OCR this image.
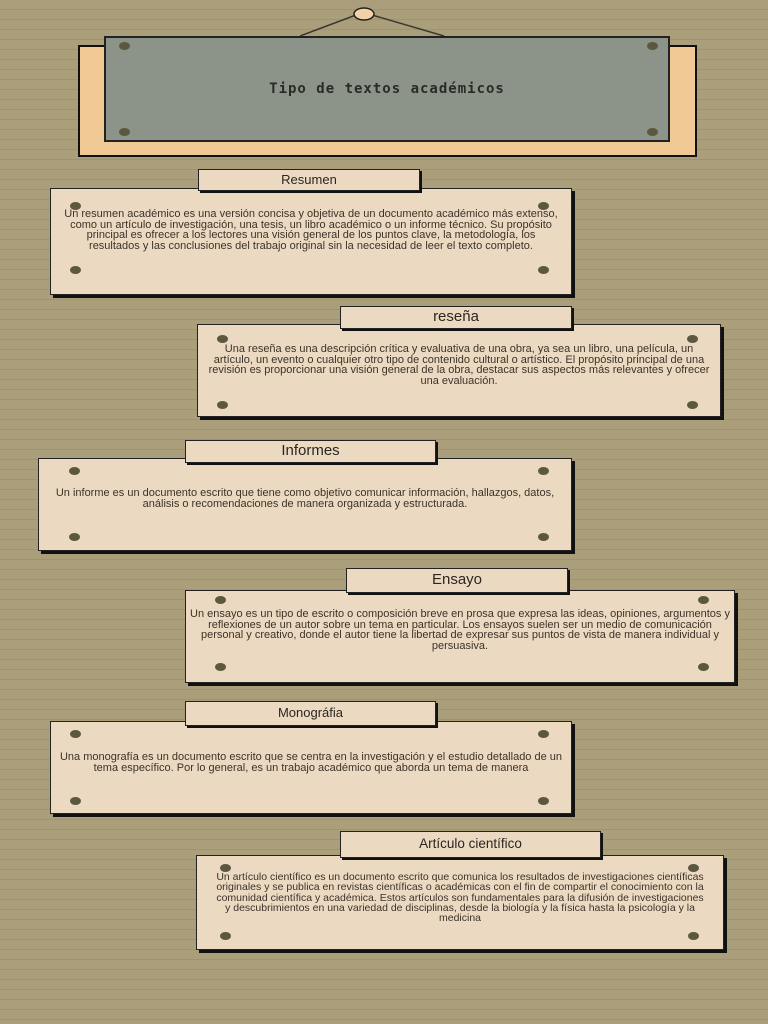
Tipo de textos académicos
Un resumen académico es una versión concisa y objetiva de un documento académico más extenso, como un artículo de investigación, una tesis, un libro académico o un informe técnico. Su propósito principal es ofrecer a los lectores una visión general de los puntos clave, la metodología, los resultados y las conclusiones del trabajo original sin la necesidad de leer el texto completo.
Resumen
Una reseña es una descripción crítica y evaluativa de una obra, ya sea un libro, una película, un artículo, un evento o cualquier otro tipo de contenido cultural o artístico. El propósito principal de una revisión es proporcionar una visión general de la obra, destacar sus aspectos más relevantes y ofrecer una evaluación.
reseña
Un informe es un documento escrito que tiene como objetivo comunicar información, hallazgos, datos, análisis o recomendaciones de manera organizada y estructurada.
Informes
Un ensayo es un tipo de escrito o composición breve en prosa que expresa las ideas, opiniones, argumentos y reflexiones de un autor sobre un tema en particular. Los ensayos suelen ser un medio de comunicación personal y creativo, donde el autor tiene la libertad de expresar sus puntos de vista de manera individual y persuasiva.
Ensayo
Una monografía es un documento escrito que se centra en la investigación y el estudio detallado de un tema específico. Por lo general, es un trabajo académico que aborda un tema de manera
Monográfia
Un artículo científico es un documento escrito que comunica los resultados de investigaciones científicas originales y se publica en revistas científicas o académicas con el fin de compartir el conocimiento con la comunidad científica y académica. Estos artículos son fundamentales para la difusión de investigaciones y descubrimientos en una variedad de disciplinas, desde la biología y la física hasta la psicología y la medicina
Artículo científico
